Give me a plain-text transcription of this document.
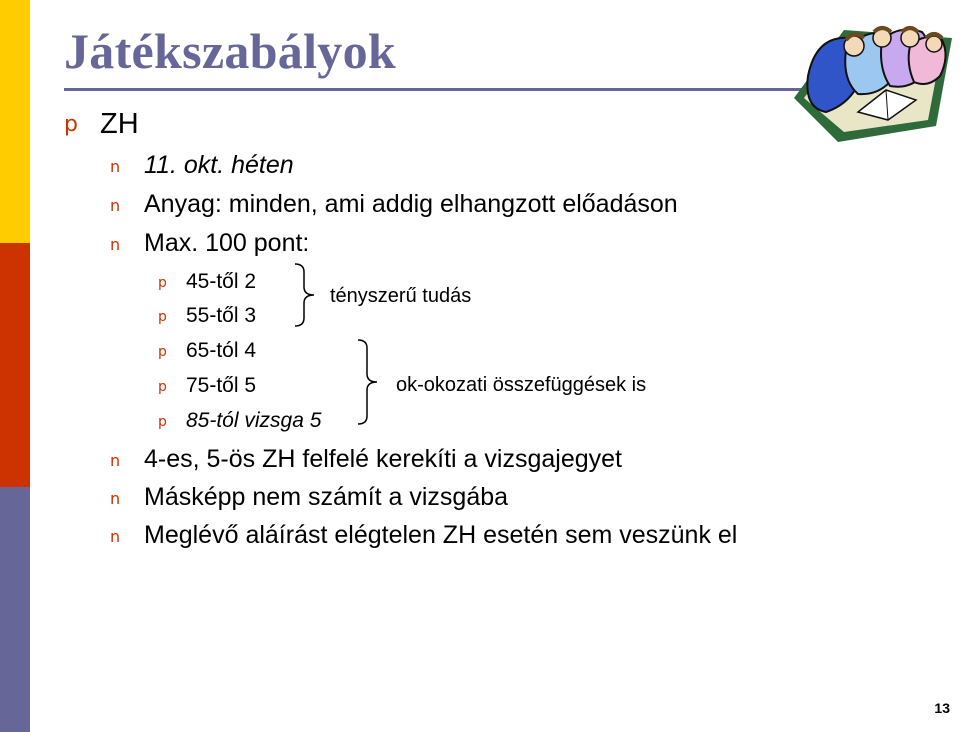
Játékszabályok
p ZH
n 11. okt. héten
n Anyag: minden, ami addig elhangzott előadáson
n Max. 100 pont:
p 45-től 2
p 55-től 3
p 65-tól 4
p 75-től 5
p 85-tól vizsga 5
tényszerű tudás
ok-okozati összefüggések is
n 4-es, 5-ös ZH felfelé kerekíti a vizsgajegyet
n Másképp nem számít a vizsgába
n Meglévő aláírást elégtelen ZH esetén sem veszünk el
13
